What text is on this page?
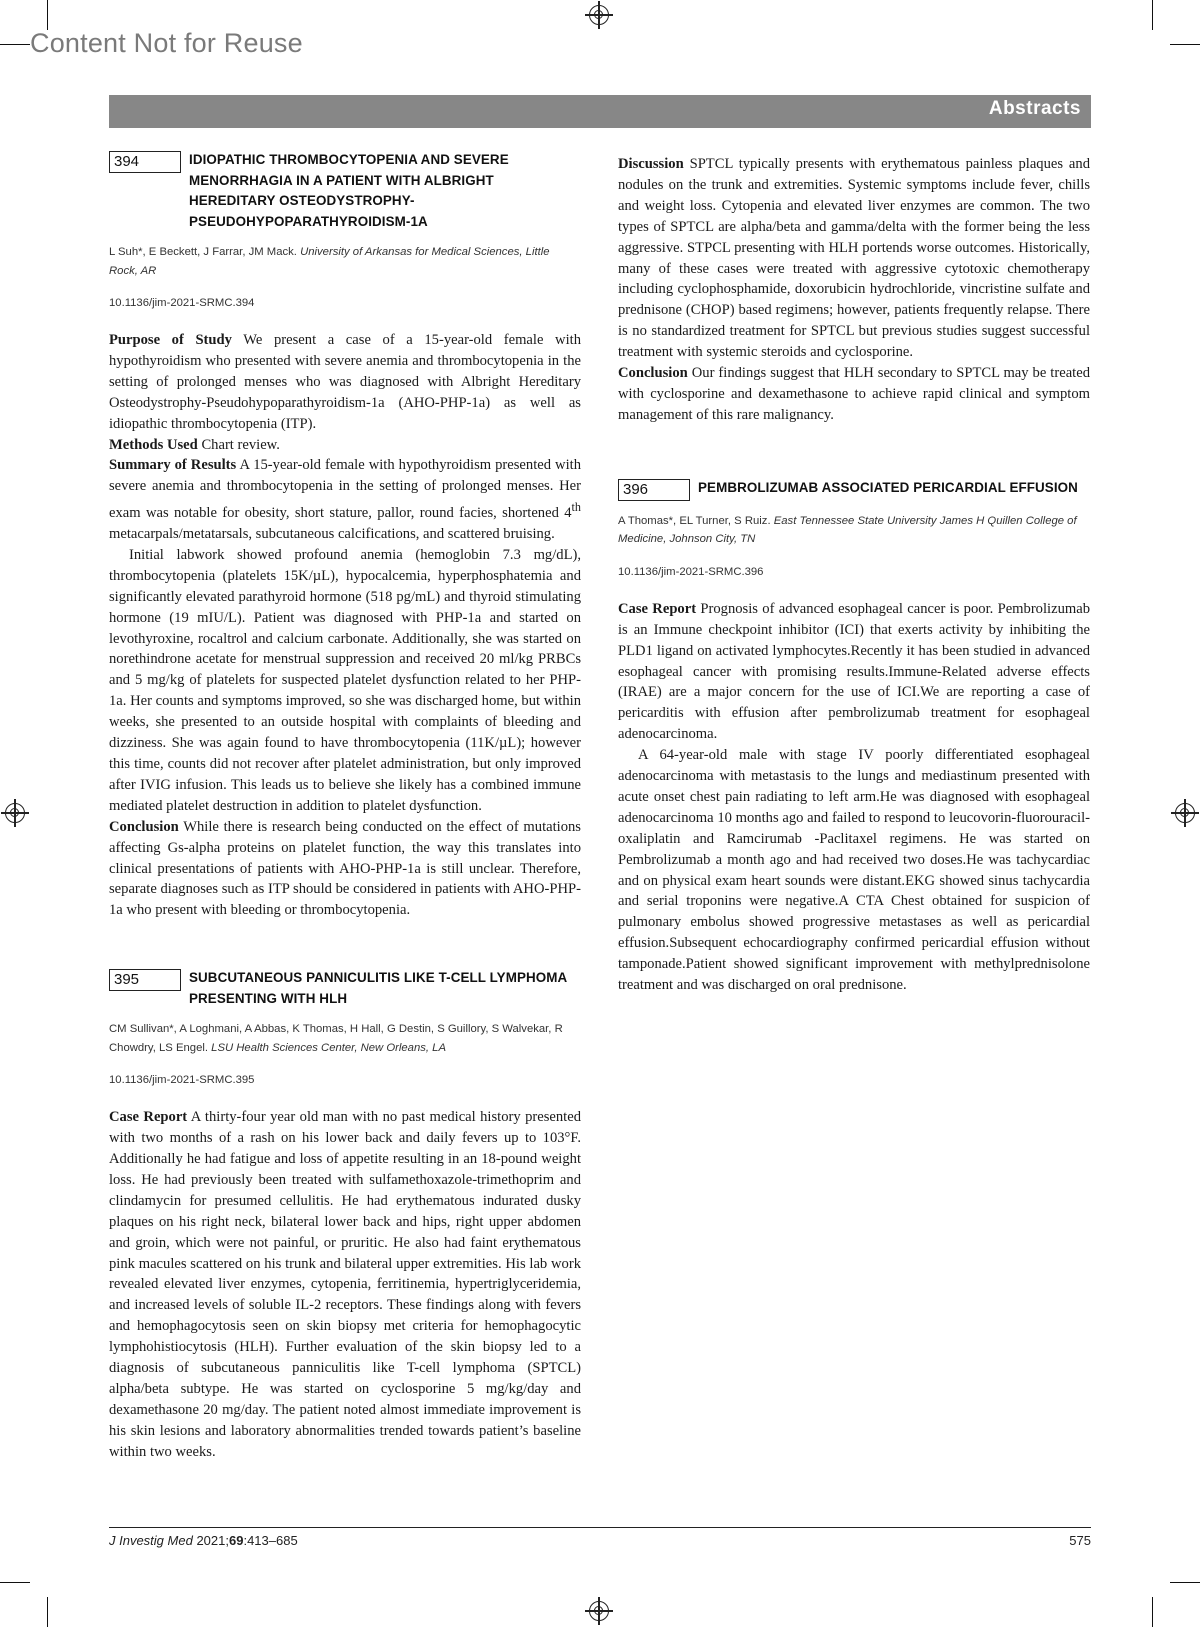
Content Not for Reuse
Abstracts
394	IDIOPATHIC THROMBOCYTOPENIA AND SEVERE MENORRHAGIA IN A PATIENT WITH ALBRIGHT HEREDITARY OSTEODYSTROPHY-PSEUDOHYPOPARATHYROIDISM-1A
L Suh*, E Beckett, J Farrar, JM Mack. University of Arkansas for Medical Sciences, Little Rock, AR
10.1136/jim-2021-SRMC.394

Purpose of Study We present a case of a 15-year-old female with hypothyroidism who presented with severe anemia and thrombocytopenia in the setting of prolonged menses who was diagnosed with Albright Hereditary Osteodystrophy-Pseudohypoparathyroidism-1a (AHO-PHP-1a) as well as idiopathic thrombocytopenia (ITP).

Methods Used Chart review.

Summary of Results A 15-year-old female with hypothyroidism presented with severe anemia and thrombocytopenia in the setting of prolonged menses. Her exam was notable for obesity, short stature, pallor, round facies, shortened 4th metacarpals/metatarsals, subcutaneous calcifications, and scattered bruising.

Initial labwork showed profound anemia (hemoglobin 7.3 mg/dL), thrombocytopenia (platelets 15K/µL), hypocalcemia, hyperphosphatemia and significantly elevated parathyroid hormone (518 pg/mL) and thyroid stimulating hormone (19 mIU/L). Patient was diagnosed with PHP-1a and started on levothyroxine, rocaltrol and calcium carbonate. Additionally, she was started on norethindrone acetate for menstrual suppression and received 20 ml/kg PRBCs and 5 mg/kg of platelets for suspected platelet dysfunction related to her PHP-1a. Her counts and symptoms improved, so she was discharged home, but within weeks, she presented to an outside hospital with complaints of bleeding and dizziness. She was again found to have thrombocytopenia (11K/µL); however this time, counts did not recover after platelet administration, but only improved after IVIG infusion. This leads us to believe she likely has a combined immune mediated platelet destruction in addition to platelet dysfunction.

Conclusion While there is research being conducted on the effect of mutations affecting Gs-alpha proteins on platelet function, the way this translates into clinical presentations of patients with AHO-PHP-1a is still unclear. Therefore, separate diagnoses such as ITP should be considered in patients with AHO-PHP-1a who present with bleeding or thrombocytopenia.

395	SUBCUTANEOUS PANNICULITIS LIKE T-CELL LYMPHOMA PRESENTING WITH HLH
CM Sullivan*, A Loghmani, A Abbas, K Thomas, H Hall, G Destin, S Guillory, S Walvekar, R Chowdry, LS Engel. LSU Health Sciences Center, New Orleans, LA
10.1136/jim-2021-SRMC.395

Case Report A thirty-four year old man with no past medical history presented with two months of a rash on his lower back and daily fevers up to 103°F. Additionally he had fatigue and loss of appetite resulting in an 18-pound weight loss. He had previously been treated with sulfamethoxazole-trimethoprim and clindamycin for presumed cellulitis. He had erythematous indurated dusky plaques on his right neck, bilateral lower back and hips, right upper abdomen and groin, which were not painful, or pruritic. He also had faint erythematous pink macules scattered on his trunk and bilateral upper extremities. His lab work revealed elevated liver enzymes, cytopenia, ferritinemia, hypertriglyceridemia, and increased levels of soluble IL-2 receptors. These findings along with fevers and hemophagocytosis seen on skin biopsy met criteria for hemophagocytic lymphohistiocytosis (HLH). Further evaluation of the skin biopsy led to a diagnosis of subcutaneous panniculitis like T-cell lymphoma (SPTCL) alpha/beta subtype. He was started on cyclosporine 5 mg/kg/day and dexamethasone 20 mg/day. The patient noted almost immediate improvement is his skin lesions and laboratory abnormalities trended towards patient’s baseline within two weeks.

Discussion SPTCL typically presents with erythematous painless plaques and nodules on the trunk and extremities. Systemic symptoms include fever, chills and weight loss. Cytopenia and elevated liver enzymes are common. The two types of SPTCL are alpha/beta and gamma/delta with the former being the less aggressive. STPCL presenting with HLH portends worse outcomes. Historically, many of these cases were treated with aggressive cytotoxic chemotherapy including cyclophosphamide, doxorubicin hydrochloride, vincristine sulfate and prednisone (CHOP) based regimens; however, patients frequently relapse. There is no standardized treatment for SPTCL but previous studies suggest successful treatment with systemic steroids and cyclosporine.

Conclusion Our findings suggest that HLH secondary to SPTCL may be treated with cyclosporine and dexamethasone to achieve rapid clinical and symptom management of this rare malignancy.

396	PEMBROLIZUMAB ASSOCIATED PERICARDIAL EFFUSION
A Thomas*, EL Turner, S Ruiz. East Tennessee State University James H Quillen College of Medicine, Johnson City, TN
10.1136/jim-2021-SRMC.396

Case Report Prognosis of advanced esophageal cancer is poor. Pembrolizumab is an Immune checkpoint inhibitor (ICI) that exerts activity by inhibiting the PLD1 ligand on activated lymphocytes.Recently it has been studied in advanced esophageal cancer with promising results.Immune-Related adverse effects (IRAE) are a major concern for the use of ICI.We are reporting a case of pericarditis with effusion after pembrolizumab treatment for esophageal adenocarcinoma.

A 64-year-old male with stage IV poorly differentiated esophageal adenocarcinoma with metastasis to the lungs and mediastinum presented with acute onset chest pain radiating to left arm.He was diagnosed with esophageal adenocarcinoma 10 months ago and failed to respond to leucovorin-fluorouracil-oxaliplatin and Ramcirumab -Paclitaxel regimens. He was started on Pembrolizumab a month ago and had received two doses.He was tachycardiac and on physical exam heart sounds were distant.EKG showed sinus tachycardia and serial troponins were negative.A CTA Chest obtained for suspicion of pulmonary embolus showed progressive metastases as well as pericardial effusion.Subsequent echocardiography confirmed pericardial effusion without tamponade.Patient showed significant improvement with methylprednisolone treatment and was discharged on oral prednisone.

J Investig Med 2021;69:413–685	575
